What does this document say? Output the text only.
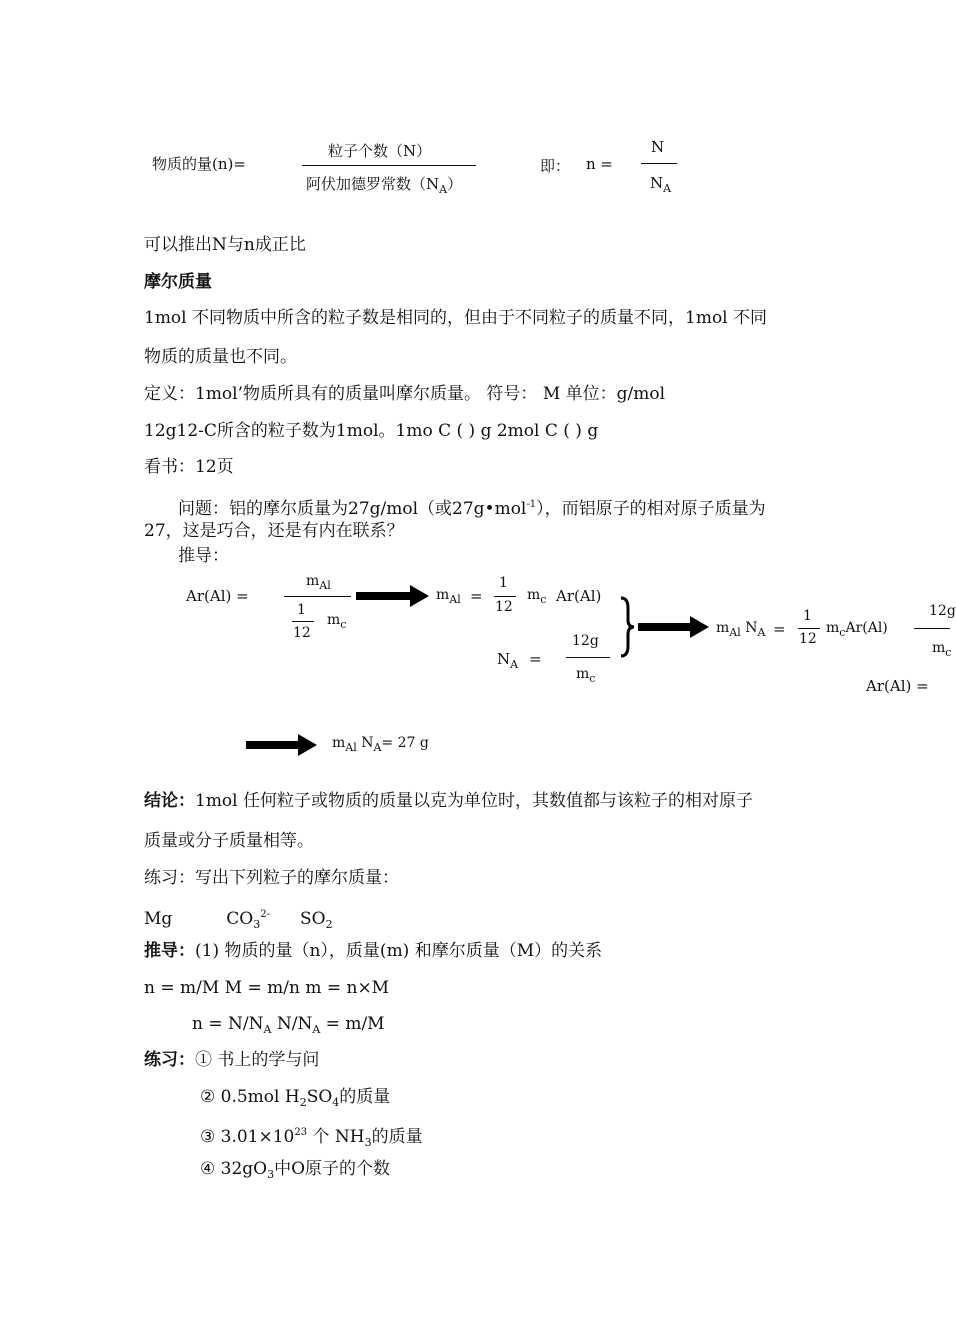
物质的量(n)=
粒子个数（N）
阿伏加德罗常数$(N_A)$
即： n =
N
$N_A$
可以推出N与n成正比
摩尔质量
1mol 不同物质中所含的粒子数是相同的，但由于不同粒子的质量不同，1mol 不同
物质的质量也不同。
定义：1mol’物质所具有的质量叫摩尔质量。 符号： M 单位：g/mol
12g12-C所含的粒子数为1mol。1mo C ( ) g 2mol C ( ) g
看书：12页
问题：铝的摩尔质量为27g/mol（或27g•mol$^{-1}$），而铝原子的相对原子质量为
27，这是巧合，还是有内在联系？
推导：
Ar(Al) =
$m_{Al}$
1
12
$m_c$
$m_{Al}$ =
1
12
$m_c$ Ar(Al)
$N_A$ =
12g
$m_c$
$m_{Al}$ $N_A$ =
1
12
$m_cAr(Al)$
12g
$m_c$
Ar(Al) =
$m_{Al}$ $N_A= 27$ g
结论：1mol 任何粒子或物质的质量以克为单位时，其数值都与该粒子的相对原子
质量或分子质量相等。
练习：写出下列粒子的摩尔质量：
Mg	$CO_3^{2-}$ $SO_2$
推导：(1) 物质的量（n），质量(m) 和摩尔质量（M）的关系
n = m/M M = m/n m = n×M
$n = N/N_A$ $N/N_A = m/M$
练习：① 书上的学与问
② 0.5mol $H_2SO_4$的质量
③ $3.01\times 10^{23}$ 个 $NH_3$的质量
④ $32gO_3$中O原子的个数
